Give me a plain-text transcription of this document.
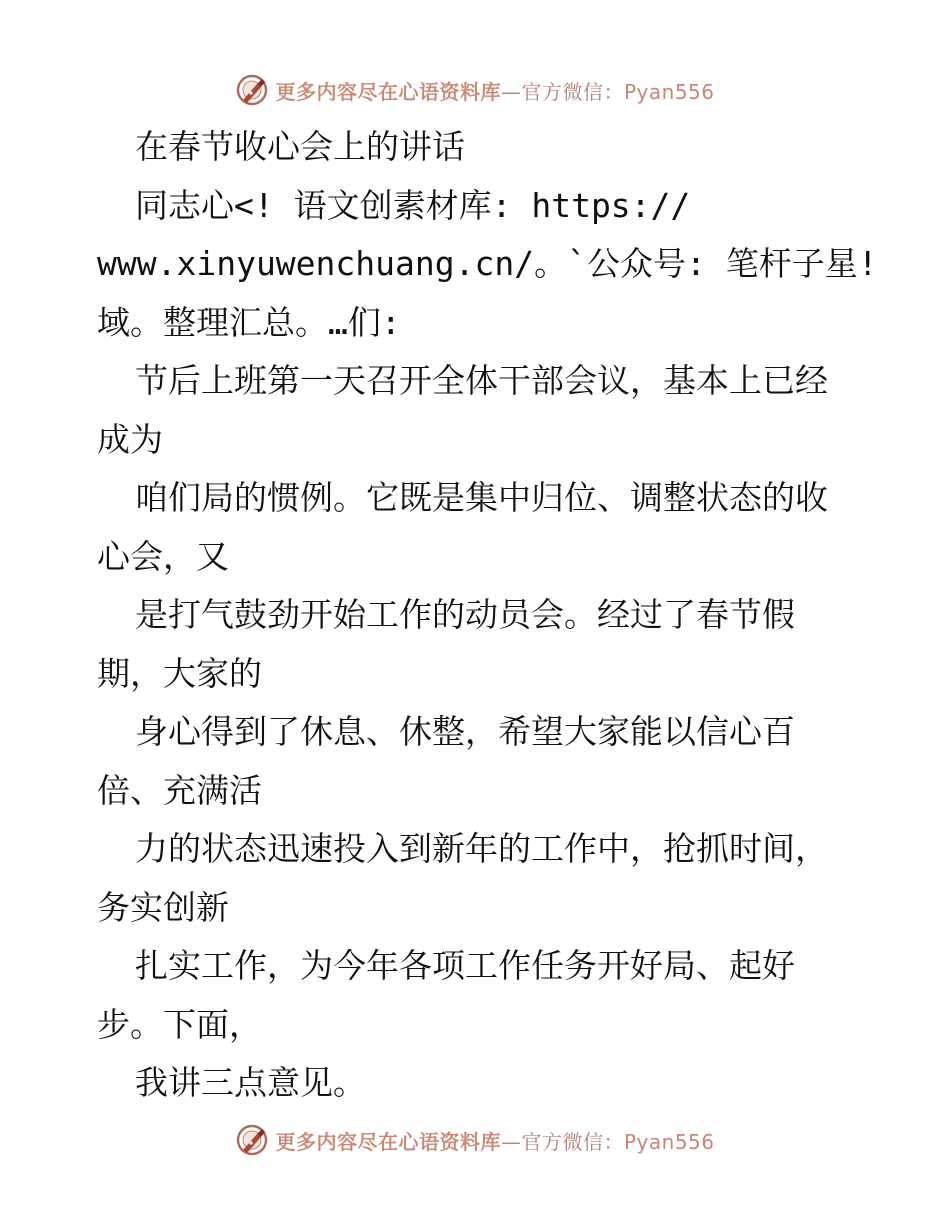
更多内容尽在心语资料库—官方微信：Pyan556
在春节收心会上的讲话
同志心<! 语文创素材库: https://
www.xinyuwenchuang.cn/。`公众号: 笔杆子星!
域。整理汇总。…们:
节后上班第一天召开全体干部会议，基本上已经
成为
咱们局的惯例。它既是集中归位、调整状态的收
心会，又
是打气鼓劲开始工作的动员会。经过了春节假
期，大家的
身心得到了休息、休整，希望大家能以信心百
倍、充满活
力的状态迅速投入到新年的工作中，抢抓时间，
务实创新
扎实工作，为今年各项工作任务开好局、起好
步。下面，
我讲三点意见。
更多内容尽在心语资料库—官方微信：Pyan556
